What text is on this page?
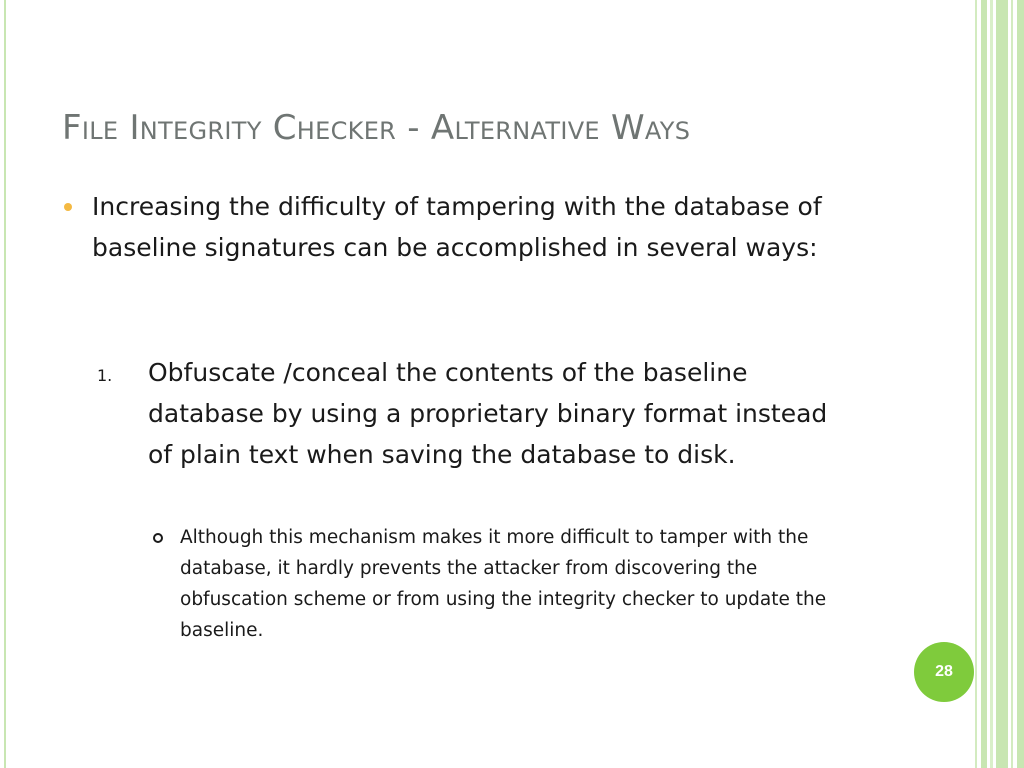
File Integrity Checker - Alternative Ways

Increasing the difficulty of tampering with the database of baseline signatures can be accomplished in several ways:

1. Obfuscate /conceal the contents of the baseline database by using a proprietary binary format instead of plain text when saving the database to disk.

Although this mechanism makes it more difficult to tamper with the database, it hardly prevents the attacker from discovering the obfuscation scheme or from using the integrity checker to update the baseline.

28
